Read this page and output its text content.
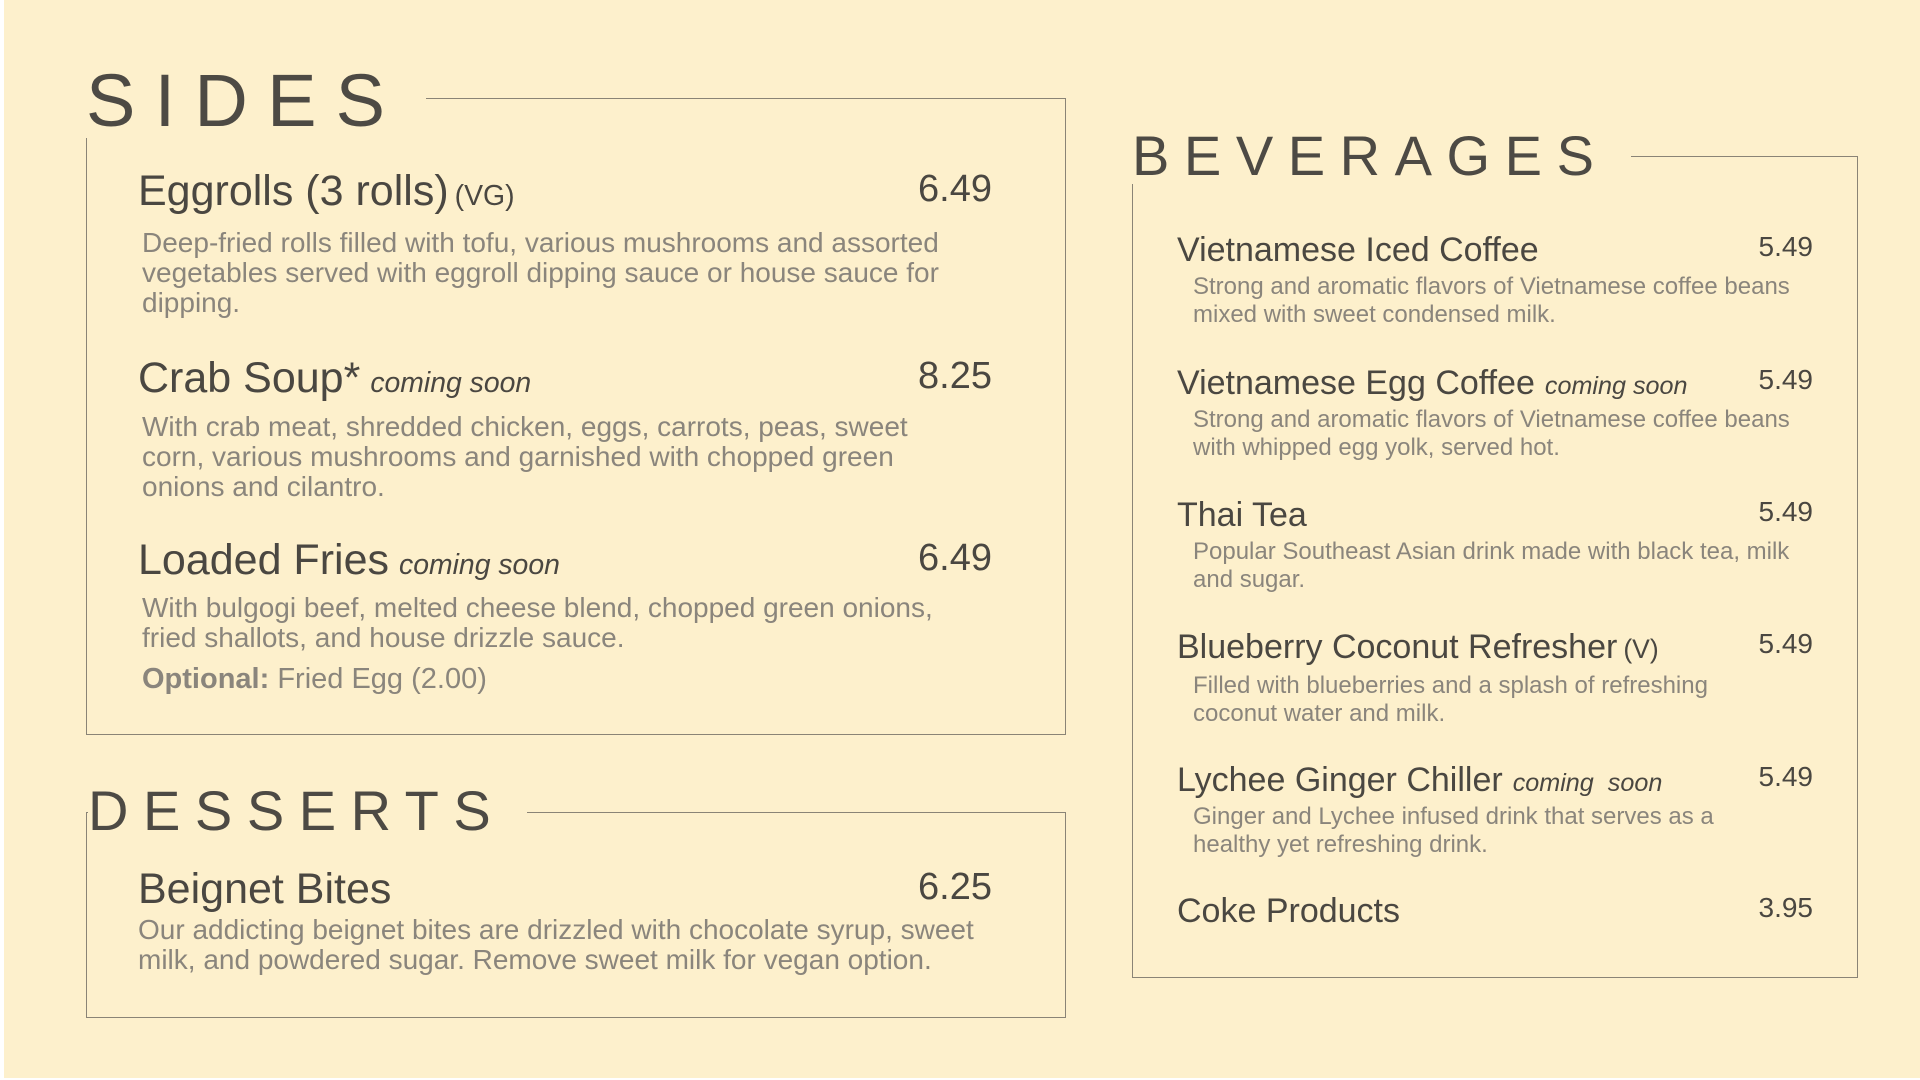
SIDES
Eggrolls (3 rolls) (VG)	6.49
Deep-fried rolls filled with tofu, various mushrooms and assorted vegetables served with eggroll dipping sauce or house sauce for dipping.
Crab Soup* coming soon	8.25
With crab meat, shredded chicken, eggs, carrots, peas, sweet corn, various mushrooms and garnished with chopped green onions and cilantro.
Loaded Fries coming soon	6.49
With bulgogi beef, melted cheese blend, chopped green onions, fried shallots, and house drizzle sauce.
Optional: Fried Egg (2.00)
DESSERTS
Beignet Bites	6.25
Our addicting beignet bites are drizzled with chocolate syrup, sweet milk, and powdered sugar. Remove sweet milk for vegan option.
BEVERAGES
Vietnamese Iced Coffee	5.49
Strong and aromatic flavors of Vietnamese coffee beans mixed with sweet condensed milk.
Vietnamese Egg Coffee coming soon	5.49
Strong and aromatic flavors of Vietnamese coffee beans with whipped egg yolk, served hot.
Thai Tea	5.49
Popular Southeast Asian drink made with black tea, milk and sugar.
Blueberry Coconut Refresher (V)	5.49
Filled with blueberries and a splash of refreshing coconut water and milk.
Lychee Ginger Chiller coming  soon	5.49
Ginger and Lychee infused drink that serves as a healthy yet refreshing drink.
Coke Products	3.95
